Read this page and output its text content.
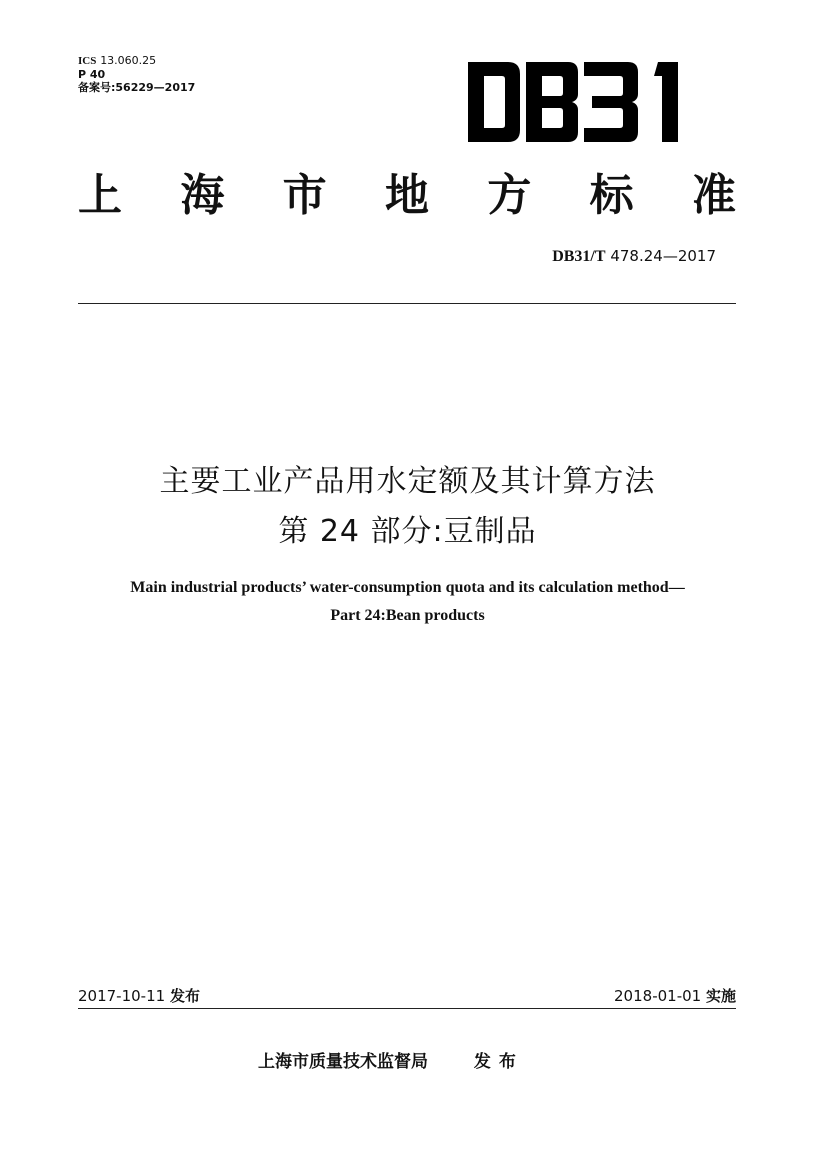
ICS 13.060.25
P 40
备案号:56229—2017
上 海 市 地 方 标 准
DB31/T 478.24—2017
主要工业产品用水定额及其计算方法
第 24 部分:豆制品
Main industrial products’ water-consumption quota and its calculation method—
Part 24:Bean products
2017-10-11 发布	2018-01-01 实施
上海市质量技术监督局	发布
